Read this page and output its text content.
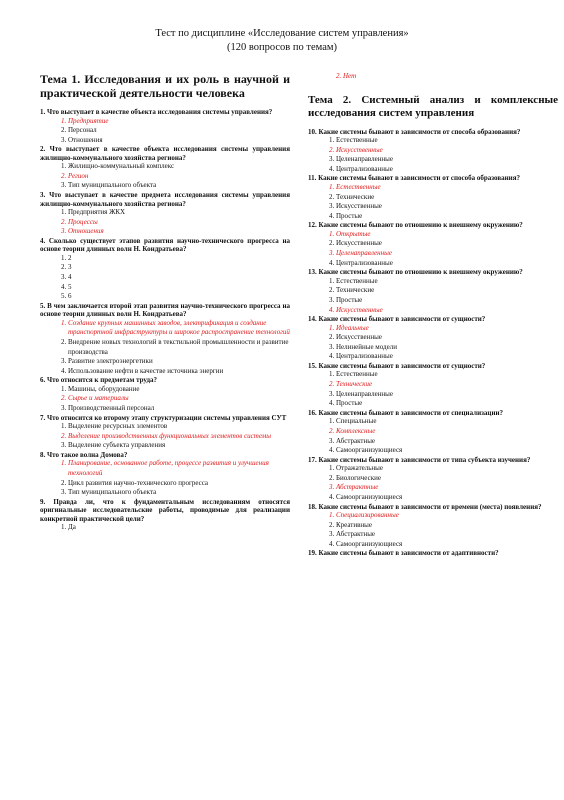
Тест по дисциплине «Исследование систем управления»
(120 вопросов по темам)
Тема 1. Исследования и их роль в научной и практической деятельности человека
1. Что выступает в качестве объекта исследования системы управления?
1. Предприятие
2. Персонал
3. Отношения
2. Что выступает в качестве объекта исследования системы управления жилищно-коммунального хозяйства региона?
1. Жилищно-коммунальный комплекс
2. Регион
3. Тип муниципального объекта
3. Что выступает в качестве предмета исследования системы управления жилищно-коммунального хозяйства региона?
1. Предприятия ЖКХ
2. Процессы
3. Отношения
4. Сколько существует этапов развития научно-технического прогресса на основе теории длинных волн Н. Кондратьева?
1. 2
2. 3
3. 4
4. 5
5. 6
5. В чем заключается второй этап развития научно-технического прогресса на основе теории длинных волн Н. Кондратьева?
1. Создание крупных машинных заводов, электрификация и создание транспортной инфраструктуры и широкое распространение технологий
2. Внедрение новых технологий в текстильной промышленности и развитие производства
3. Развитие электроэнергетики
4. Использование нефти в качестве источника энергии
6. Что относится к предметам труда?
1. Машины, оборудование
2. Сырье и материалы
3. Производственный персонал
7. Что относится ко второму этапу структуризации системы управления СУТ
1. Выделение ресурсных элементов
2. Выделение производственных функциональных элементов системы
3. Выделение субъекта управления
8. Что такое волна Домова?
1. Планирование, основанное работе, процессе развития и улучшения технологий
2. Цикл развития научно-технического прогресса
3. Тип муниципального объекта
9. Правда ли, что к фундаментальным исследованиям относятся оригинальные исследовательские работы, проводимые для реализации конкретной практической цели?
1. Да
2. Нет
Тема 2. Системный анализ и комплексные исследования систем управления
10. Какие системы бывают в зависимости от способа образования?
1. Естественные
2. Искусственные
3. Целенаправленные
4. Централизованные
11. Какие системы бывают в зависимости от способа образования?
1. Естественные
2. Технические
3. Искусственные
4. Простые
12. Какие системы бывают по отношению к внешнему окружению?
1. Открытые
2. Искусственные
3. Целенаправленные
4. Централизованные
13. Какие системы бывают по отношению к внешнему окружению?
1. Естественные
2. Технические
3. Простые
4. Искусственные
14. Какие системы бывают в зависимости от сущности?
1. Идеальные
2. Искусственные
3. Нелинейные модели
4. Централизованные
15. Какие системы бывают в зависимости от сущности?
1. Естественные
2. Технические
3. Целенаправленные
4. Простые
16. Какие системы бывают в зависимости от специализации?
1. Специальные
2. Комплексные
3. Абстрактные
4. Самоорганизующиеся
17. Какие системы бывают в зависимости от типа субъекта изучения?
1. Отражательные
2. Биологические
3. Абстрактные
4. Самоорганизующиеся
18. Какие системы бывают в зависимости от времени (места) появления?
1. Специализированные
2. Креативные
3. Абстрактные
4. Самоорганизующиеся
19. Какие системы бывают в зависимости от адаптивности?
